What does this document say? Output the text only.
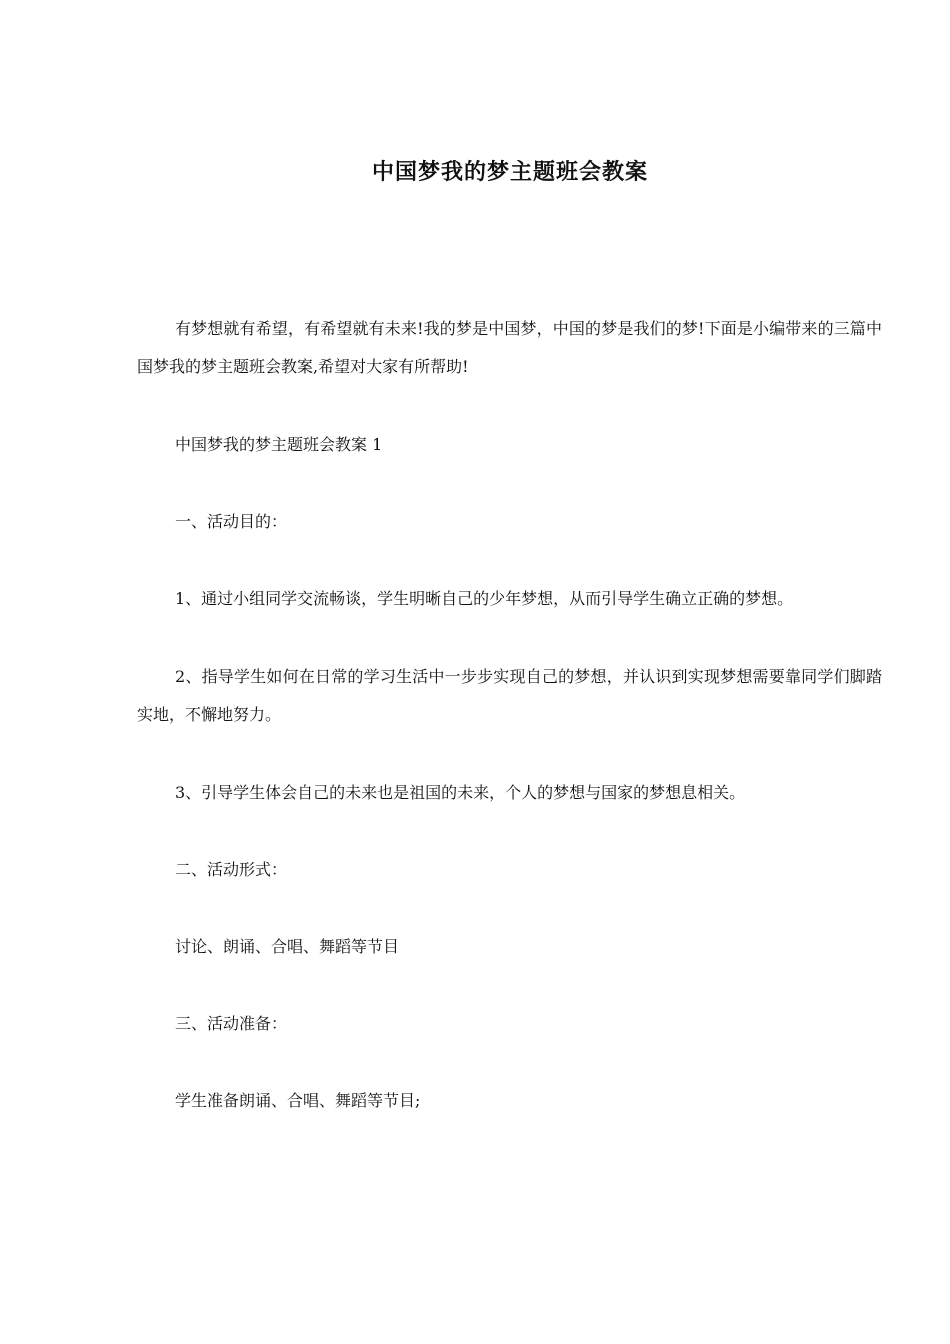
中国梦我的梦主题班会教案

有梦想就有希望，有希望就有未来!我的梦是中国梦，中国的梦是我们的梦!下面是小编带来的三篇中国梦我的梦主题班会教案,希望对大家有所帮助!

中国梦我的梦主题班会教案 1

一、活动目的：

1、通过小组同学交流畅谈，学生明晰自己的少年梦想，从而引导学生确立正确的梦想。

2、指导学生如何在日常的学习生活中一步步实现自己的梦想，并认识到实现梦想需要靠同学们脚踏实地，不懈地努力。

3、引导学生体会自己的未来也是祖国的未来，个人的梦想与国家的梦想息相关。

二、活动形式：

讨论、朗诵、合唱、舞蹈等节目

三、活动准备：

学生准备朗诵、合唱、舞蹈等节目;
